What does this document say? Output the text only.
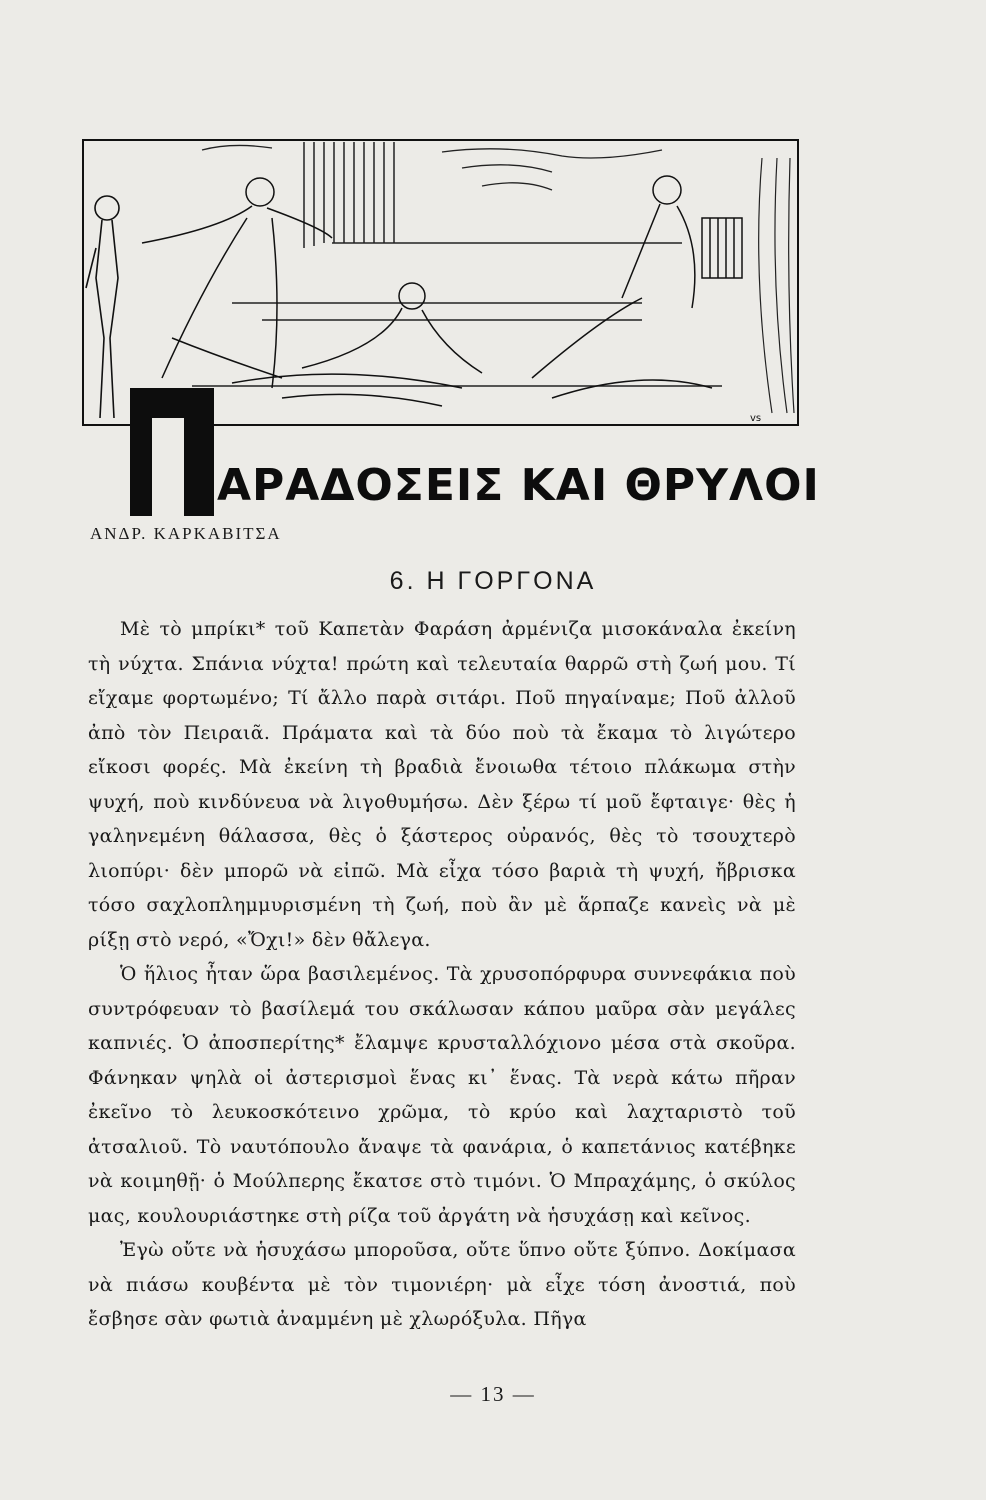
vs
ΑΡΑΔΟΣΕΙΣ ΚΑΙ ΘΡΥΛΟΙ
ΑΝΔΡ. ΚΑΡΚΑΒΙΤΣΑ
6. Η ΓΟΡΓΟΝΑ

Μὲ τὸ μπρίκι* τοῦ Καπετὰν Φαράση ἀρμένιζα μισοκάναλα ἐκείνη τὴ νύχτα. Σπάνια νύχτα! πρώτη καὶ τελευταία θαρρῶ στὴ ζωή μου. Τί εἴχαμε φορτωμένο; Τί ἄλλο παρὰ σιτάρι. Ποῦ πηγαίναμε; Ποῦ ἀλλοῦ ἀπὸ τὸν Πειραιᾶ. Πράματα καὶ τὰ δύο ποὺ τὰ ἔκαμα τὸ λιγώτερο εἴκοσι φορές. Μὰ ἐκείνη τὴ βραδιὰ ἔνοιωθα τέτοιο πλάκωμα στὴν ψυχή, ποὺ κινδύνευα νὰ λιγοθυμήσω. Δὲν ξέρω τί μοῦ ἔφταιγε· θὲς ἡ γαληνεμένη θάλασσα, θὲς ὁ ξάστερος οὐρανός, θὲς τὸ τσουχτερὸ λιοπύρι· δὲν μπορῶ νὰ εἰπῶ. Μὰ εἶχα τόσο βαριὰ τὴ ψυχή, ἤβρισκα τόσο σαχλοπλημμυρισμένη τὴ ζωή, ποὺ ἂν μὲ ἅρπαζε κανεὶς νὰ μὲ ρίξῃ στὸ νερό, «Ὄχι!» δὲν θἄλεγα.

Ὁ ἥλιος ἦταν ὥρα βασιλεμένος. Τὰ χρυσοπόρφυρα συννεφάκια ποὺ συντρόφευαν τὸ βασίλεμά του σκάλωσαν κάπου μαῦρα σὰν μεγάλες καπνιές. Ὁ ἀποσπερίτης* ἔλαμψε κρυσταλλόχιονο μέσα στὰ σκοῦρα. Φάνηκαν ψηλὰ οἱ ἀστερισμοὶ ἕνας κι᾽ ἕνας. Τὰ νερὰ κάτω πῆραν ἐκεῖνο τὸ λευκοσκότεινο χρῶμα, τὸ κρύο καὶ λαχταριστὸ τοῦ ἀτσαλιοῦ. Τὸ ναυτόπουλο ἄναψε τὰ φανάρια, ὁ καπετάνιος κατέβηκε νὰ κοιμηθῇ· ὁ Μούλπερης ἔκατσε στὸ τιμόνι. Ὁ Μπραχάμης, ὁ σκύλος μας, κουλουριάστηκε στὴ ρίζα τοῦ ἀργάτη νὰ ἡσυχάσῃ καὶ κεῖνος.

Ἐγὼ οὔτε νὰ ἡσυχάσω μποροῦσα, οὔτε ὕπνο οὔτε ξύπνο. Δοκίμασα νὰ πιάσω κουβέντα μὲ τὸν τιμονιέρη· μὰ εἶχε τόση ἀνοστιά, ποὺ ἔσβησε σὰν φωτιὰ ἀναμμένη μὲ χλωρόξυλα. Πῆγα

— 13 —
